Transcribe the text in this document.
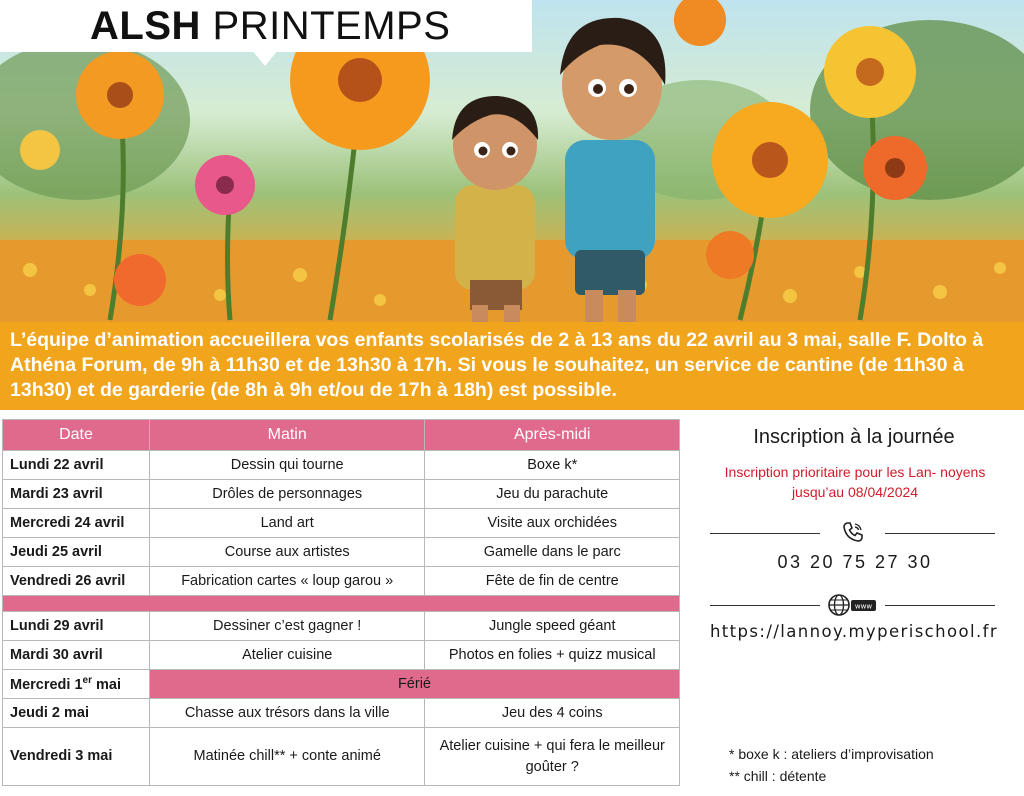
ALSH PRINTEMPS

L’équipe d’animation accueillera vos enfants scolarisés de 2 à 13 ans du 22 avril au 3 mai, salle F. Dolto à Athéna Forum, de 9h à 11h30 et de 13h30 à 17h. Si vous le souhaitez, un service de cantine (de 11h30 à 13h30) et de garderie (de 8h à 9h et/ou de 17h à 18h) est possible.

Date	Matin	Après-midi
Lundi 22 avril	Dessin qui tourne	Boxe k*
Mardi 23 avril	Drôles de personnages	Jeu du parachute
Mercredi 24 avril	Land art	Visite aux orchidées
Jeudi 25 avril	Course aux artistes	Gamelle dans le parc
Vendredi 26 avril	Fabrication cartes « loup garou »	Fête de fin de centre

Lundi 29 avril	Dessiner c’est gagner !	Jungle speed géant
Mardi 30 avril	Atelier cuisine	Photos en folies + quizz musical
Mercredi 1er mai	Férié	
Jeudi 2 mai	Chasse aux trésors dans la ville	Jeu des 4 coins
Vendredi 3 mai	Matinée chill** + conte animé	Atelier cuisine + qui fera le meilleur goûter ?
Inscription à la journée
Inscription prioritaire pour les Lan- noyens jusqu’au 08/04/2024
03 20 75 27 30
www
https://lannoy.myperischool.fr
* boxe k : ateliers d’improvisation
** chill : détente
